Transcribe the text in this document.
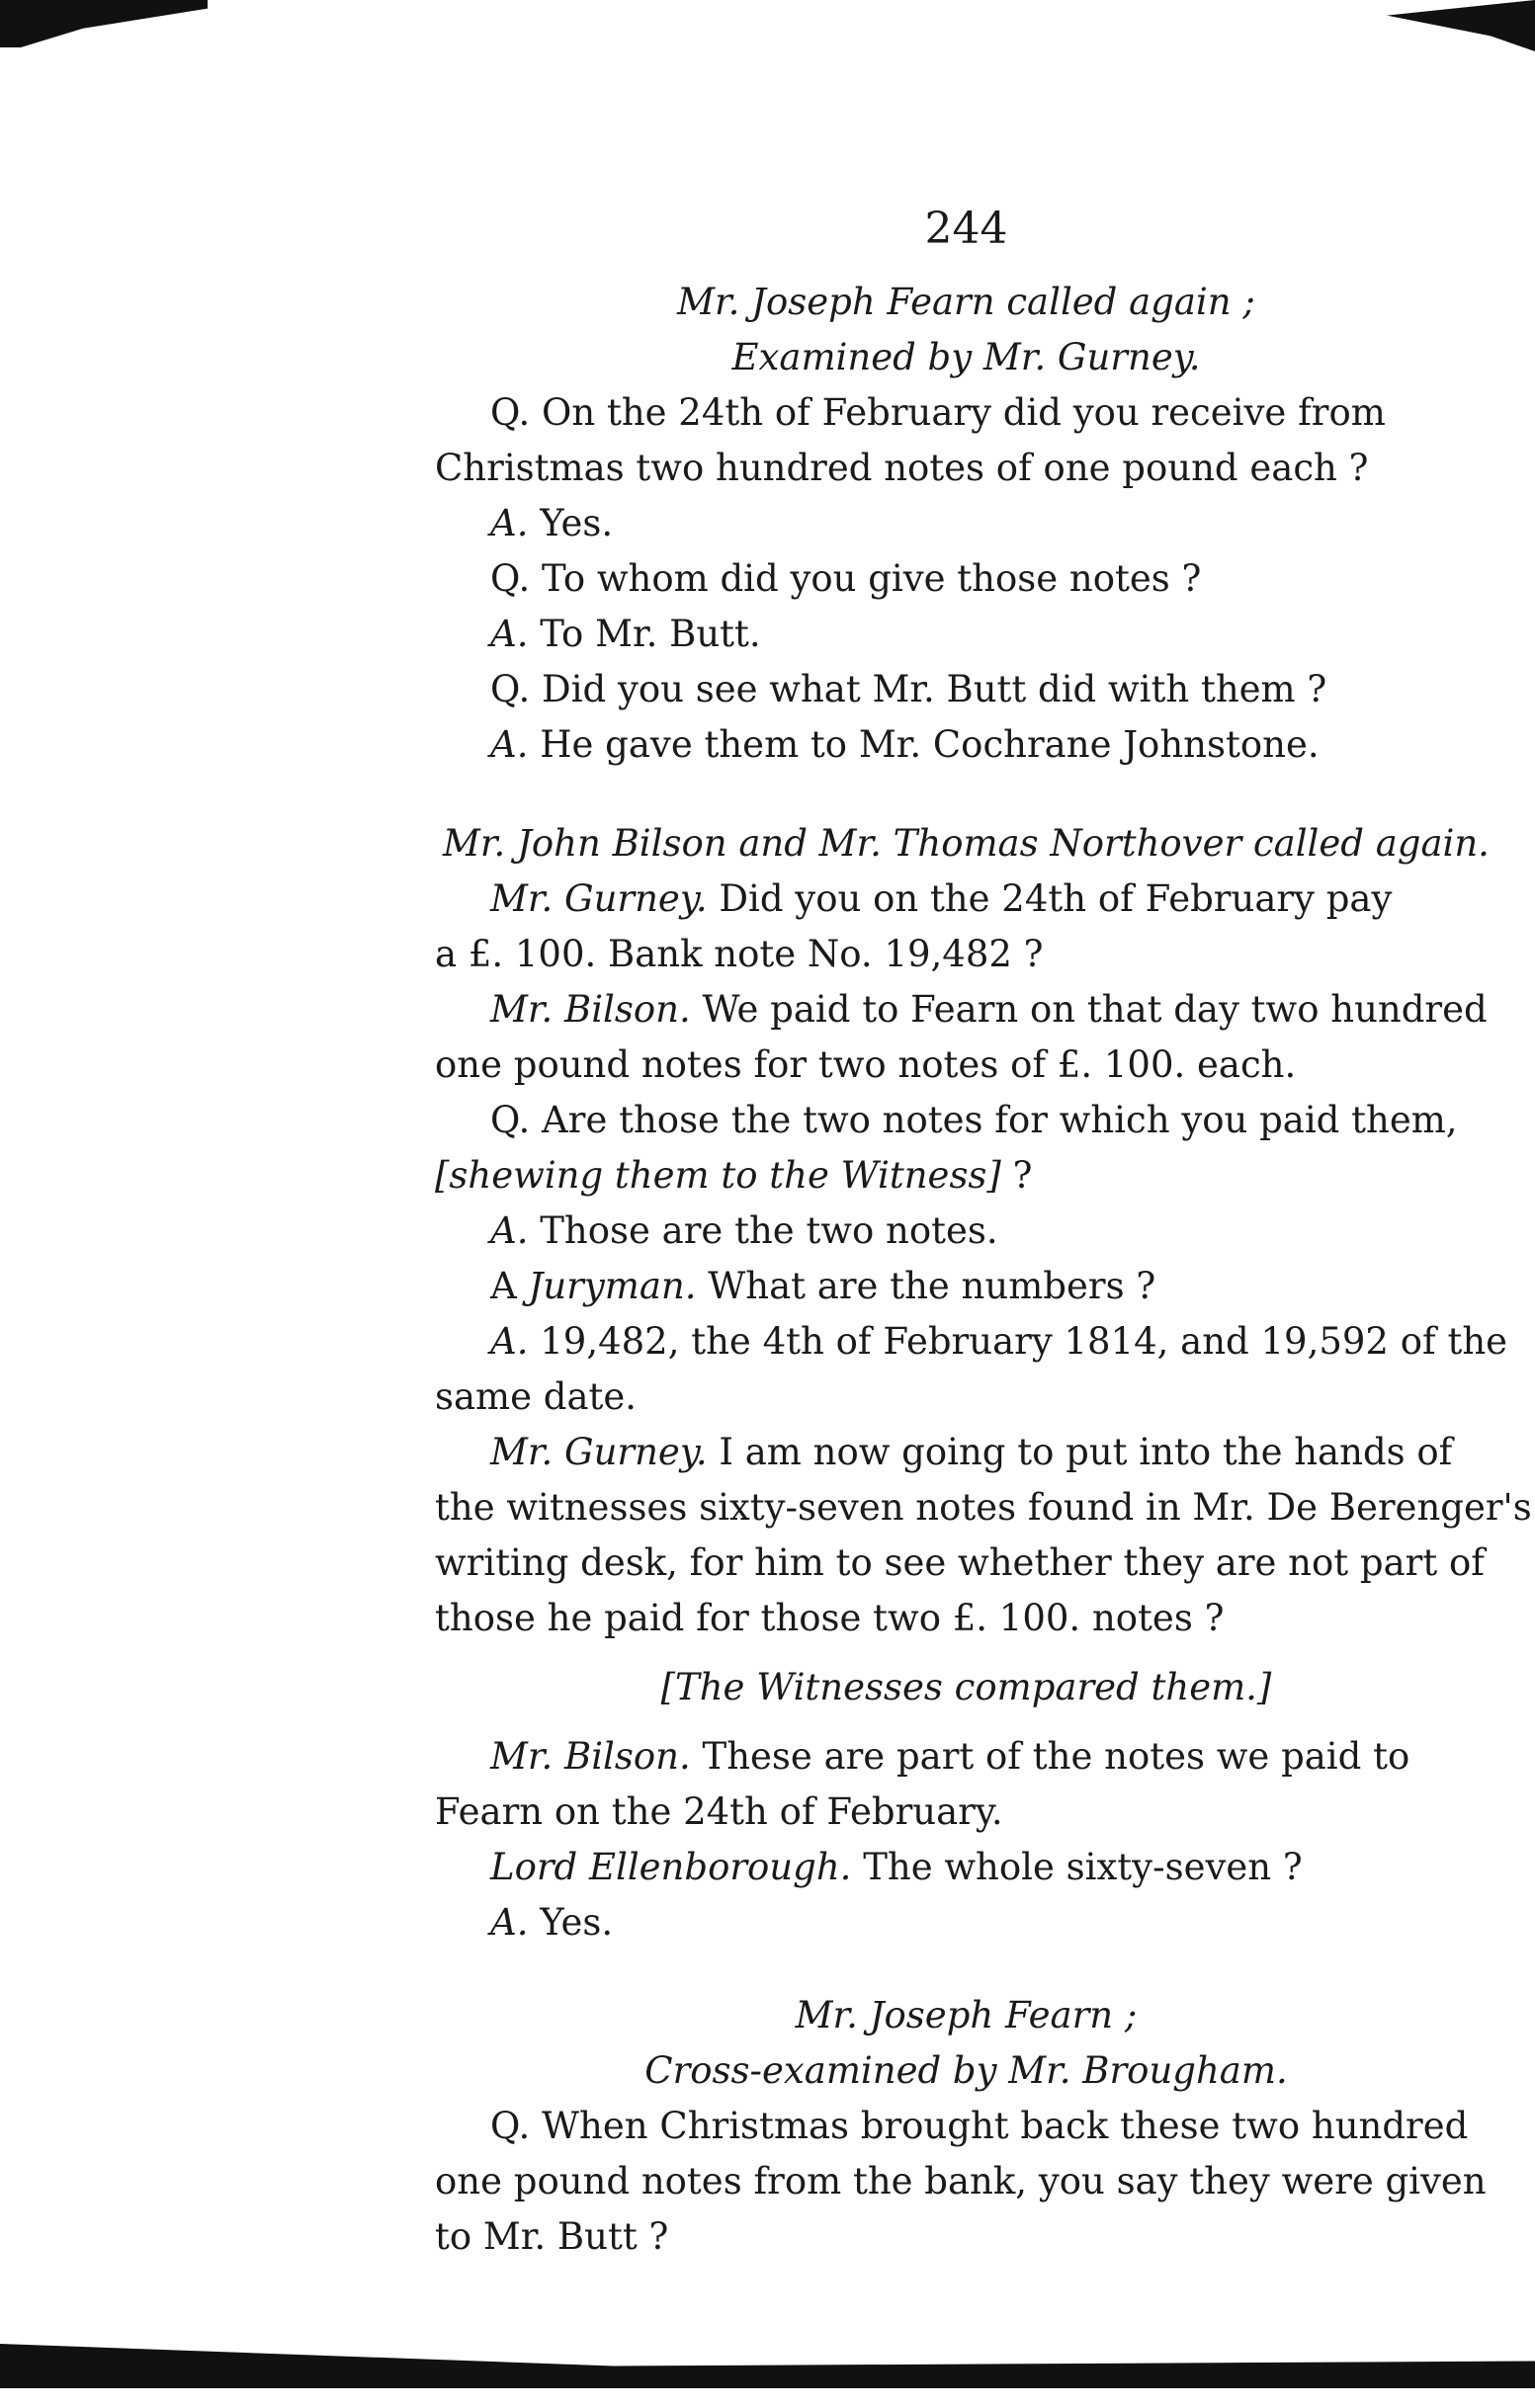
244
Mr. Joseph Fearn called again ;
Examined by Mr. Gurney.
Q. On the 24th of February did you receive from
Christmas two hundred notes of one pound each ?
A. Yes.
Q. To whom did you give those notes ?
A. To Mr. Butt.
Q. Did you see what Mr. Butt did with them ?
A. He gave them to Mr. Cochrane Johnstone.
Mr. John Bilson and Mr. Thomas Northover called again.
Mr. Gurney. Did you on the 24th of February pay
a £. 100. Bank note No. 19,482 ?
Mr. Bilson. We paid to Fearn on that day two hundred
one pound notes for two notes of £. 100. each.
Q. Are those the two notes for which you paid them,
[shewing them to the Witness] ?
A. Those are the two notes.
A Juryman. What are the numbers ?
A. 19,482, the 4th of February 1814, and 19,592 of the
same date.
Mr. Gurney. I am now going to put into the hands of
the witnesses sixty-seven notes found in Mr. De Berenger's
writing desk, for him to see whether they are not part of
those he paid for those two £. 100. notes ?
[The Witnesses compared them.]
Mr. Bilson. These are part of the notes we paid to
Fearn on the 24th of February.
Lord Ellenborough. The whole sixty-seven ?
A. Yes.
Mr. Joseph Fearn ;
Cross-examined by Mr. Brougham.
Q. When Christmas brought back these two hundred
one pound notes from the bank, you say they were given
to Mr. Butt ?
